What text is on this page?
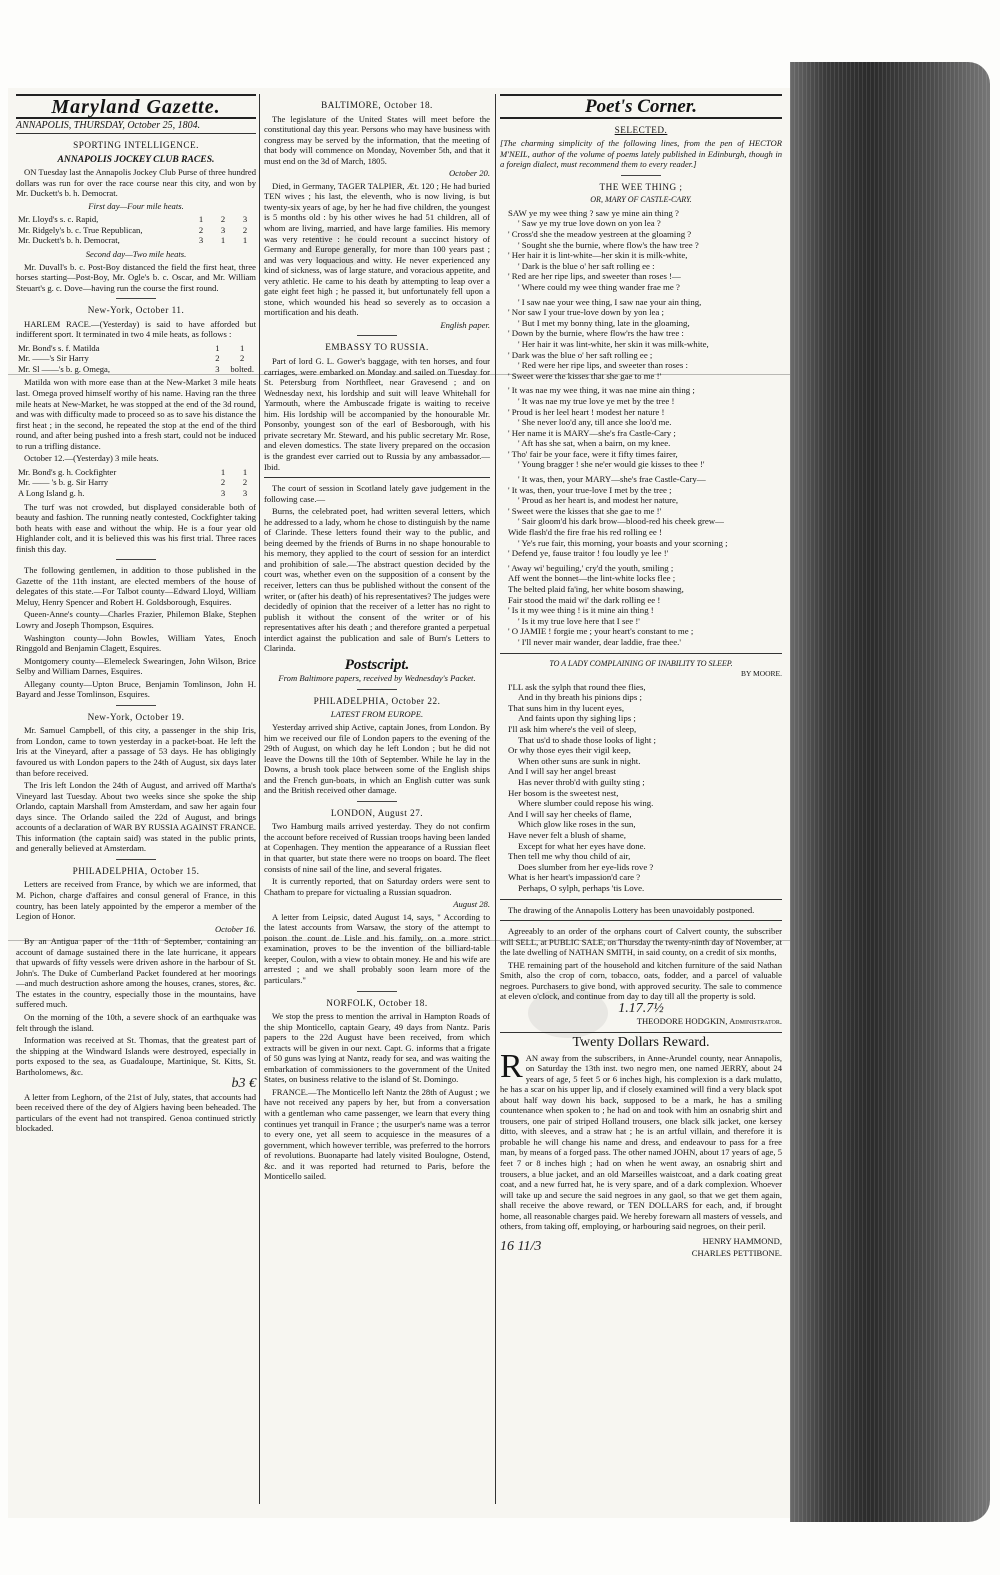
Maryland Gazette.
ANNAPOLIS, THURSDAY, October 25, 1804.
SPORTING INTELLIGENCE.
ANNAPOLIS JOCKEY CLUB RACES.
ON Tuesday last the Annapolis Jockey Club Purse of three hundred dollars was run for over the race course near this city, and won by Mr. Duckett's b. h. Democrat.
First day—Four mile heats.
Mr. Lloyd's s. c. Rapid,	1	2	3
Mr. Ridgely's b. c. True Republican,	2	3	2
Mr. Duckett's b. h. Democrat,	3	1	1
Second day—Two mile heats.
Mr. Duvall's b. c. Post-Boy distanced the field the first heat, three horses starting—Post-Boy, Mr. Ogle's b. c. Oscar, and Mr. William Steuart's g. c. Dove—having run the course the first round.
New-York, October 11.
HARLEM RACE.—(Yesterday) is said to have afforded but indifferent sport. It terminated in two 4 mile heats, as follows :
Mr. Bond's s. f. Matilda	1	1
Mr. ——'s Sir Harry	2	2
Mr. Sl ——'s b. g. Omega,	3	bolted.
Matilda won with more ease than at the New-Market 3 mile heats last. Omega proved himself worthy of his name. Having ran the three mile heats at New-Market, he was stopped at the end of the 3d round, and was with difficulty made to proceed so as to save his distance the first heat ; in the second, he repeated the stop at the end of the third round, and after being pushed into a fresh start, could not be induced to run a trifling distance.
October 12.—(Yesterday) 3 mile heats.
Mr. Bond's g. h. Cockfighter	1	1
Mr. —— 's b. g. Sir Harry	2	2
A Long Island g. h.	3	3
The turf was not crowded, but displayed considerable both of beauty and fashion. The running neatly contested, Cockfighter taking both heats with ease and without the whip. He is a four year old Highlander colt, and it is believed this was his first trial. Three races finish this day.
The following gentlemen, in addition to those published in the Gazette of the 11th instant, are elected members of the house of delegates of this state.—For Talbot county—Edward Lloyd, William Meluy, Henry Spencer and Robert H. Goldsborough, Esquires.
Queen-Anne's county—Charles Frazier, Philemon Blake, Stephen Lowry and Joseph Thompson, Esquires.
Washington county—John Bowles, William Yates, Enoch Ringgold and Benjamin Clagett, Esquires.
Montgomery county—Elemeleck Swearingen, John Wilson, Brice Selby and William Darnes, Esquires.
Allegany county—Upton Bruce, Benjamin Tomlinson, John H. Bayard and Jesse Tomlinson, Esquires.
New-York, October 19.
Mr. Samuel Campbell, of this city, a passenger in the ship Iris, from London, came to town yesterday in a packet-boat. He left the Iris at the Vineyard, after a passage of 53 days. He has obligingly favoured us with London papers to the 24th of August, six days later than before received.
The Iris left London the 24th of August, and arrived off Martha's Vineyard last Tuesday. About two weeks since she spoke the ship Orlando, captain Marshall from Amsterdam, and saw her again four days since. The Orlando sailed the 22d of August, and brings accounts of a declaration of WAR BY RUSSIA AGAINST FRANCE. This information (the captain said) was stated in the public prints, and generally believed at Amsterdam.
PHILADELPHIA, October 15.
Letters are received from France, by which we are informed, that M. Pichon, charge d'affaires and consul general of France, in this country, has been lately appointed by the emperor a member of the Legion of Honor.
October 16.
By an Antigua paper of the 11th of September, containing an account of damage sustained there in the late hurricane, it appears that upwards of fifty vessels were driven ashore in the harbour of St. John's. The Duke of Cumberland Packet foundered at her moorings—and much destruction ashore among the houses, cranes, stores, &c. The estates in the country, especially those in the mountains, have suffered much.
On the morning of the 10th, a severe shock of an earthquake was felt through the island.
Information was received at St. Thomas, that the greatest part of the shipping at the Windward Islands were destroyed, especially in ports exposed to the sea, as Guadaloupe, Martinique, St. Kitts, St. Bartholomews, &c.
b3 €
A letter from Leghorn, of the 21st of July, states, that accounts had been received there of the dey of Algiers having been beheaded. The particulars of the event had not transpired. Genoa continued strictly blockaded.
BALTIMORE, October 18.
The legislature of the United States will meet before the constitutional day this year. Persons who may have business with congress may be served by the information, that the meeting of that body will commence on Monday, November 5th, and that it must end on the 3d of March, 1805.
October 20.
Died, in Germany, TAGER TALPIER, Æt. 120 ; He had buried TEN wives ; his last, the eleventh, who is now living, is but twenty-six years of age, by her he had five children, the youngest is 5 months old : by his other wives he had 51 children, all of whom are living, married, and have large families. His memory was very retentive : he could recount a succinct history of Germany and Europe generally, for more than 100 years past ; and was very loquacious and witty. He never experienced any kind of sickness, was of large stature, and voracious appetite, and very athletic. He came to his death by attempting to leap over a gate eight feet high ; he passed it, but unfortunately fell upon a stone, which wounded his head so severely as to occasion a mortification and his death.
English paper.
EMBASSY TO RUSSIA.
Part of lord G. L. Gower's baggage, with ten horses, and four carriages, were embarked on Monday and sailed on Tuesday for St. Petersburg from Northfleet, near Gravesend ; and on Wednesday next, his lordship and suit will leave Whitehall for Yarmouth, where the Ambuscade frigate is waiting to receive him. His lordship will be accompanied by the honourable Mr. Ponsonby, youngest son of the earl of Besborough, with his private secretary Mr. Steward, and his public secretary Mr. Rose, and eleven domestics. The state livery prepared on the occasion is the grandest ever carried out to Russia by any ambassador.—Ibid.
The court of session in Scotland lately gave judgement in the following case.—
Burns, the celebrated poet, had written several letters, which he addressed to a lady, whom he chose to distinguish by the name of Clarinde. These letters found their way to the public, and being deemed by the friends of Burns in no shape honourable to his memory, they applied to the court of session for an interdict and prohibition of sale.—The abstract question decided by the court was, whether even on the supposition of a consent by the receiver, letters can thus be published without the consent of the writer, or (after his death) of his representatives? The judges were decidedly of opinion that the receiver of a letter has no right to publish it without the consent of the writer or of his representatives after his death ; and therefore granted a perpetual interdict against the publication and sale of Burn's Letters to Clarinda.
Postscript.
From Baltimore papers, received by Wednesday's Packet.
PHILADELPHIA, October 22.
LATEST FROM EUROPE.
Yesterday arrived ship Active, captain Jones, from London. By him we received our file of London papers to the evening of the 29th of August, on which day he left London ; but he did not leave the Downs till the 10th of September. While he lay in the Downs, a brush took place between some of the English ships and the French gun-boats, in which an English cutter was sunk and the British received other damage.
LONDON, August 27.
Two Hamburg mails arrived yesterday. They do not confirm the account before received of Russian troops having been landed at Copenhagen. They mention the appearance of a Russian fleet in that quarter, but state there were no troops on board. The fleet consists of nine sail of the line, and several frigates.
It is currently reported, that on Saturday orders were sent to Chatham to prepare for victualing a Russian squadron.
August 28.
A letter from Leipsic, dated August 14, says, " According to the latest accounts from Warsaw, the story of the attempt to poison the count de Lisle and his family, on a more strict examination, proves to be the invention of the billiard-table keeper, Coulon, with a view to obtain money. He and his wife are arrested ; and we shall probably soon learn more of the particulars."
NORFOLK, October 18.
We stop the press to mention the arrival in Hampton Roads of the ship Monticello, captain Geary, 49 days from Nantz. Paris papers to the 22d August have been received, from which extracts will be given in our next. Capt. G. informs that a frigate of 50 guns was lying at Nantz, ready for sea, and was waiting the embarkation of commissioners to the government of the United States, on business relative to the island of St. Domingo.
FRANCE.—The Monticello left Nantz the 28th of August ; we have not received any papers by her, but from a conversation with a gentleman who came passenger, we learn that every thing continues yet tranquil in France ; the usurper's name was a terror to every one, yet all seem to acquiesce in the measures of a government, which however terrible, was preferred to the horrors of revolutions. Buonaparte had lately visited Boulogne, Ostend, &c. and it was reported had returned to Paris, before the Monticello sailed.
Poet's Corner.
SELECTED.
[The charming simplicity of the following lines, from the pen of HECTOR M'NEIL, author of the volume of poems lately published in Edinburgh, though in a foreign dialect, must recommend them to every reader.]
THE WEE THING ;
OR, MARY OF CASTLE-CARY.
SAW ye my wee thing ? saw ye mine ain thing ?
' Saw ye my true love down on yon lea ?
' Cross'd she the meadow yestreen at the gloaming ?
' Sought she the burnie, where flow's the haw tree ?
' Her hair it is lint-white—her skin it is milk-white,
' Dark is the blue o' her saft rolling ee :
' Red are her ripe lips, and sweeter than roses !—
' Where could my wee thing wander frae me ?
' I saw nae your wee thing, I saw nae your ain thing,
' Nor saw I your true-love down by yon lea ;
' But I met my bonny thing, late in the gloaming,
' Down by the burnie, where flow'rs the haw tree :
' Her hair it was lint-white, her skin it was milk-white,
' Dark was the blue o' her saft rolling ee ;
' Red were her ripe lips, and sweeter than roses :
' Sweet were the kisses that she gae to me !'
' It was nae my wee thing, it was nae mine ain thing ;
' It was nae my true love ye met by the tree !
' Proud is her leel heart ! modest her nature !
' She never loo'd any, till ance she loo'd me.
' Her name it is MARY—she's fra Castle-Cary ;
' Aft has she sat, when a bairn, on my knee.
' Tho' fair be your face, were it fifty times fairer,
' Young bragger ! she ne'er would gie kisses to thee !'
' It was, then, your MARY—she's frae Castle-Cary—
' It was, then, your true-love I met by the tree ;
' Proud as her heart is, and modest her nature,
' Sweet were the kisses that she gae to me !'
' Sair gloom'd his dark brow—blood-red his cheek grew—
Wide flash'd the fire frae his red rolling ee !
' Ye's rue fair, this morning, your boasts and your scorning ;
' Defend ye, fause traitor ! fou loudly ye lee !'
' Away wi' beguiling,' cry'd the youth, smiling ;
Aff went the bonnet—the lint-white locks flee ;
The belted plaid fa'ing, her white bosom shawing,
Fair stood the maid wi' the dark rolling ee !
' Is it my wee thing ! is it mine ain thing !
' Is it my true love here that I see !'
' O JAMIE ! forgie me ; your heart's constant to me ;
' I'll never mair wander, dear laddie, frae thee.'
TO A LADY COMPLAINING OF INABILITY TO SLEEP.
BY MOORE.
I'LL ask the sylph that round thee flies,
And in thy breath his pinions dips ;
That suns him in thy lucent eyes,
And faints upon thy sighing lips ;
I'll ask him where's the veil of sleep,
That us'd to shade those looks of light ;
Or why those eyes their vigil keep,
When other suns are sunk in night.
And I will say her angel breast
Has never throb'd with guilty sting ;
Her bosom is the sweetest nest,
Where slumber could repose his wing.
And I will say her cheeks of flame,
Which glow like roses in the sun,
Have never felt a blush of shame,
Except for what her eyes have done.
Then tell me why thou child of air,
Does slumber from her eye-lids rove ?
What is her heart's impassion'd care ?
Perhaps, O sylph, perhaps 'tis Love.
The drawing of the Annapolis Lottery has been unavoidably postponed.
Agreeably to an order of the orphans court of Calvert county, the subscriber will SELL, at PUBLIC SALE, on Thursday the twenty-ninth day of November, at the late dwelling of NATHAN SMITH, in said county, on a credit of six months,
THE remaining part of the household and kitchen furniture of the said Nathan Smith, also the crop of corn, tobacco, oats, fodder, and a parcel of valuable negroes. Purchasers to give bond, with approved security. The sale to commence at eleven o'clock, and continue from day to day till all the property is sold.
1.17.7½
THEODORE HODGKIN, Administrator.
Twenty Dollars Reward.
RAN away from the subscribers, in Anne-Arundel county, near Annapolis, on Saturday the 13th inst. two negro men, one named JERRY, about 24 years of age, 5 feet 5 or 6 inches high, his complexion is a dark mulatto, he has a scar on his upper lip, and if closely examined will find a very black spot about half way down his back, supposed to be a mark, he has a smiling countenance when spoken to ; he had on and took with him an osnabrig shirt and trousers, one pair of striped Holland trousers, one black silk jacket, one kersey ditto, with sleeves, and a straw hat ; he is an artful villain, and therefore it is probable he will change his name and dress, and endeavour to pass for a free man, by means of a forged pass. The other named JOHN, about 17 years of age, 5 feet 7 or 8 inches high ; had on when he went away, an osnabrig shirt and trousers, a blue jacket, and an old Marseilles waistcoat, and a dark coating great coat, and a new furred hat, he is very spare, and of a dark complexion. Whoever will take up and secure the said negroes in any gaol, so that we get them again, shall receive the above reward, or TEN DOLLARS for each, and, if brought home, all reasonable charges paid. We hereby forewarn all masters of vessels, and others, from taking off, employing, or harbouring said negroes, on their peril.
16 11/3	HENRY HAMMOND,
CHARLES PETTIBONE.
